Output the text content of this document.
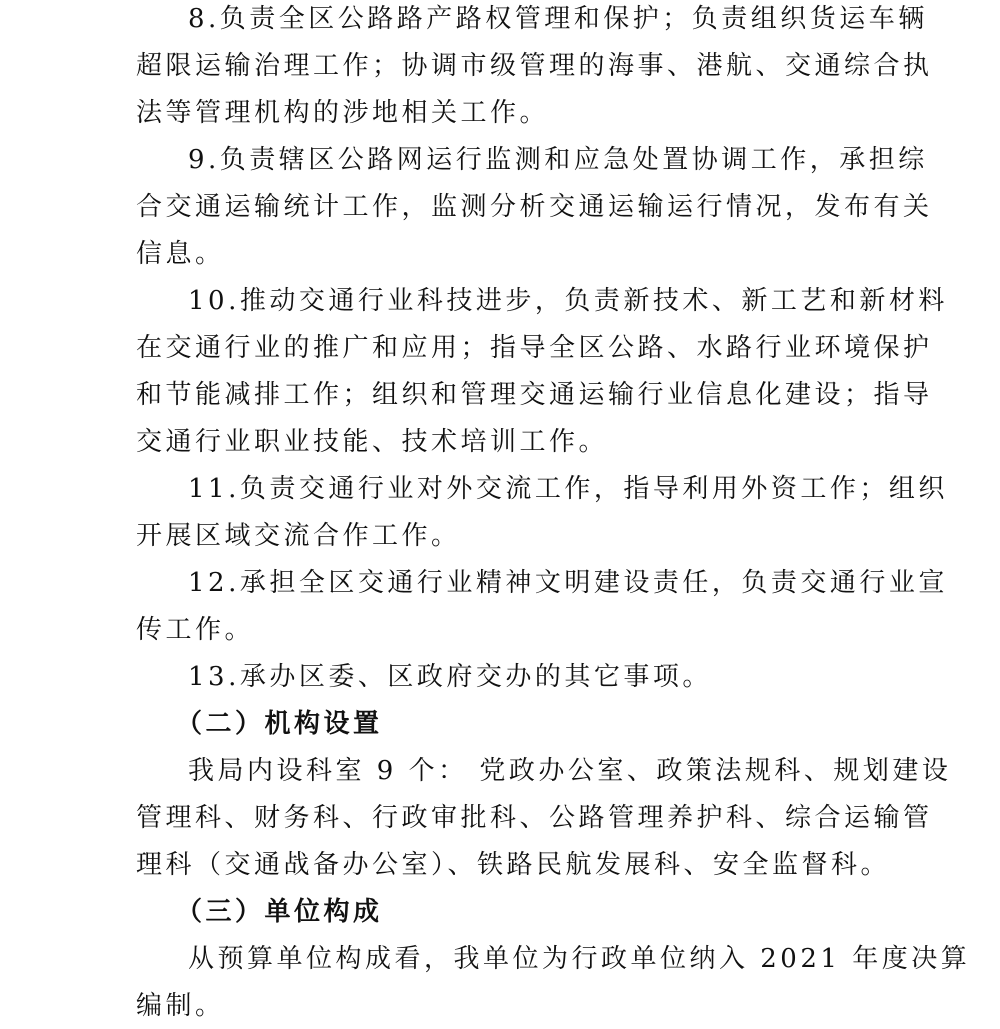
8.负责全区公路路产路权管理和保护；负责组织货运车辆
超限运输治理工作；协调市级管理的海事、港航、交通综合执
法等管理机构的涉地相关工作。
9.负责辖区公路网运行监测和应急处置协调工作，承担综
合交通运输统计工作，监测分析交通运输运行情况，发布有关
信息。
10.推动交通行业科技进步，负责新技术、新工艺和新材料
在交通行业的推广和应用；指导全区公路、水路行业环境保护
和节能减排工作；组织和管理交通运输行业信息化建设；指导
交通行业职业技能、技术培训工作。
11.负责交通行业对外交流工作，指导利用外资工作；组织
开展区域交流合作工作。
12.承担全区交通行业精神文明建设责任，负责交通行业宣
传工作。
13.承办区委、区政府交办的其它事项。
（二）机构设置
我局内设科室 9 个： 党政办公室、政策法规科、规划建设
管理科、财务科、行政审批科、公路管理养护科、综合运输管
理科（交通战备办公室）、铁路民航发展科、安全监督科。
（三）单位构成
从预算单位构成看，我单位为行政单位纳入 2021 年度决算
编制。
